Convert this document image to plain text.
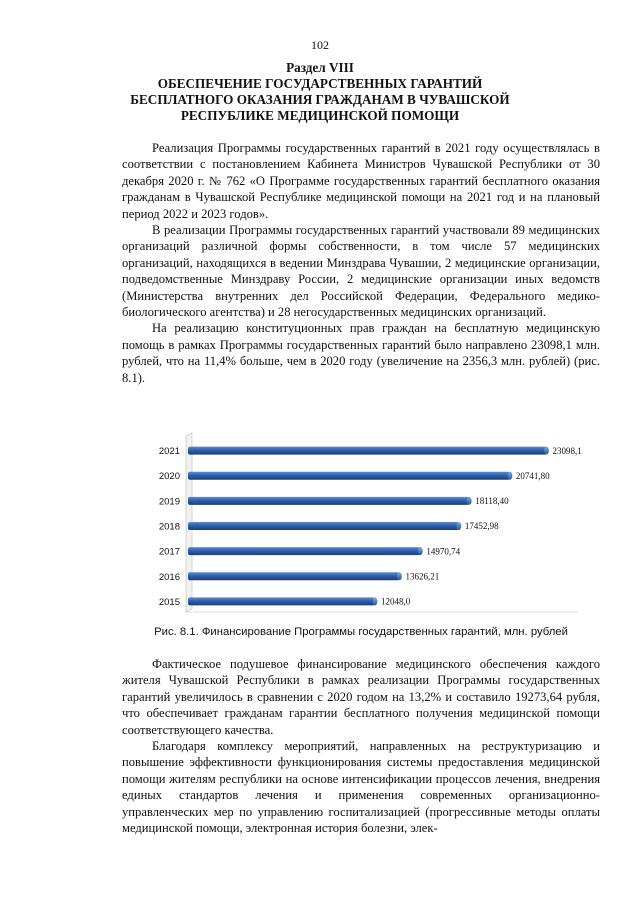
102
Раздел VIII
ОБЕСПЕЧЕНИЕ ГОСУДАРСТВЕННЫХ ГАРАНТИЙ
БЕСПЛАТНОГО ОКАЗАНИЯ ГРАЖДАНАМ В ЧУВАШСКОЙ
РЕСПУБЛИКЕ МЕДИЦИНСКОЙ ПОМОЩИ

Реализация Программы государственных гарантий в 2021 году осуществлялась в соответствии с постановлением Кабинета Министров Чувашской Республики от 30 декабря 2020 г. № 762 «О Программе государственных гарантий бесплатного оказания гражданам в Чувашской Республике медицинской помощи на 2021 год и на плановый период 2022 и 2023 годов».

В реализации Программы государственных гарантий участвовали 89 медицинских организаций различной формы собственности, в том числе 57 медицинских организаций, находящихся в ведении Минздрава Чувашии, 2 медицинские организации, подведомственные Минздраву России, 2 медицинские организации иных ведомств (Министерства внутренних дел Российской Федерации, Федерального медико-биологического агентства) и 28 негосударственных медицинских организаций.

На реализацию конституционных прав граждан на бесплатную медицинскую помощь в рамках Программы государственных гарантий было направлено 23098,1 млн. рублей, что на 11,4% больше, чем в 2020 году (увеличение на 2356,3 млн. рублей) (рис. 8.1).

2021
2020
2019
2018
2017
2016
2015
23098,1
20741,80
18118,40
17452,98
14970,74
13626,21
12048,0
Рис. 8.1. Финансирование Программы государственных гарантий, млн. рублей

Фактическое подушевое финансирование медицинского обеспечения каждого жителя Чувашской Республики в рамках реализации Программы государственных гарантий увеличилось в сравнении с 2020 годом на 13,2% и составило 19273,64 рубля, что обеспечивает гражданам гарантии бесплатного получения медицинской помощи соответствующего качества.

Благодаря комплексу мероприятий, направленных на реструктуризацию и повышение эффективности функционирования системы предоставления медицинской помощи жителям республики на основе интенсификации процессов лечения, внедрения единых стандартов лечения и применения современных организационно-управленческих мер по управлению госпитализацией (прогрессивные методы оплаты медицинской помощи, электронная история болезни, элек-
